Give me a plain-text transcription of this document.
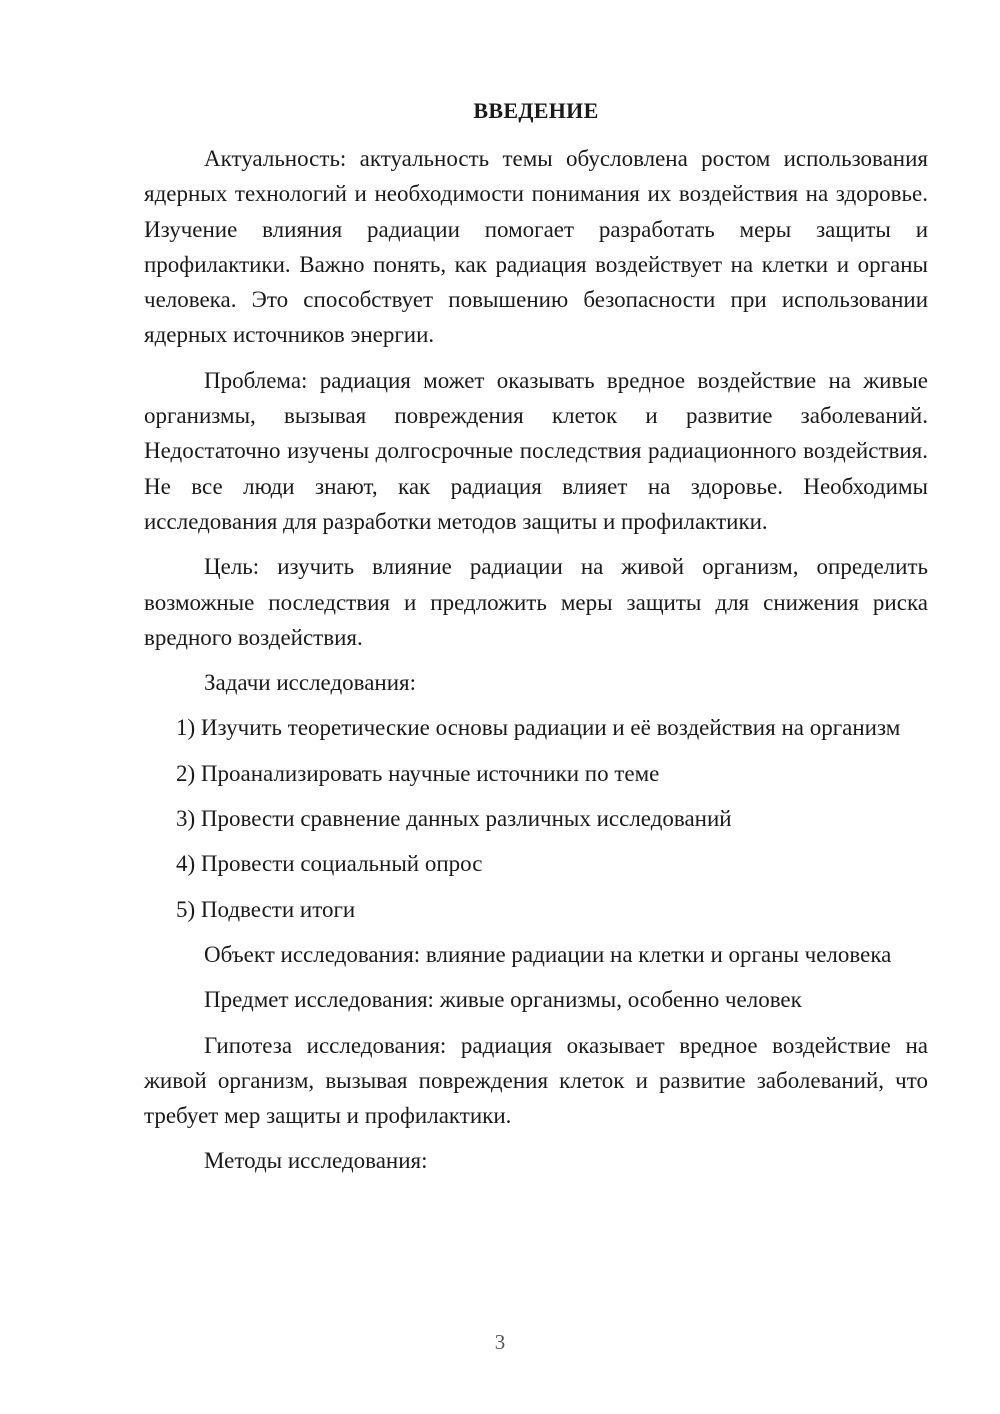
ВВЕДЕНИЕ

Актуальность: актуальность темы обусловлена ростом использования ядерных технологий и необходимости понимания их воздействия на здоровье. Изучение влияния радиации помогает разработать меры защиты и профилактики. Важно понять, как радиация воздействует на клетки и органы человека. Это способствует повышению безопасности при использовании ядерных источников энергии.

Проблема: радиация может оказывать вредное воздействие на живые организмы, вызывая повреждения клеток и развитие заболеваний. Недостаточно изучены долгосрочные последствия радиационного воздействия. Не все люди знают, как радиация влияет на здоровье. Необходимы исследования для разработки методов защиты и профилактики.

Цель: изучить влияние радиации на живой организм, определить возможные последствия и предложить меры защиты для снижения риска вредного воздействия.

Задачи исследования:

1) Изучить теоретические основы радиации и её воздействия на организм
2) Проанализировать научные источники по теме
3) Провести сравнение данных различных исследований
4) Провести социальный опрос
5) Подвести итоги

Объект исследования: влияние радиации на клетки и органы человека

Предмет исследования: живые организмы, особенно человек

Гипотеза исследования: радиация оказывает вредное воздействие на живой организм, вызывая повреждения клеток и развитие заболеваний, что требует мер защиты и профилактики.

Методы исследования:

3
